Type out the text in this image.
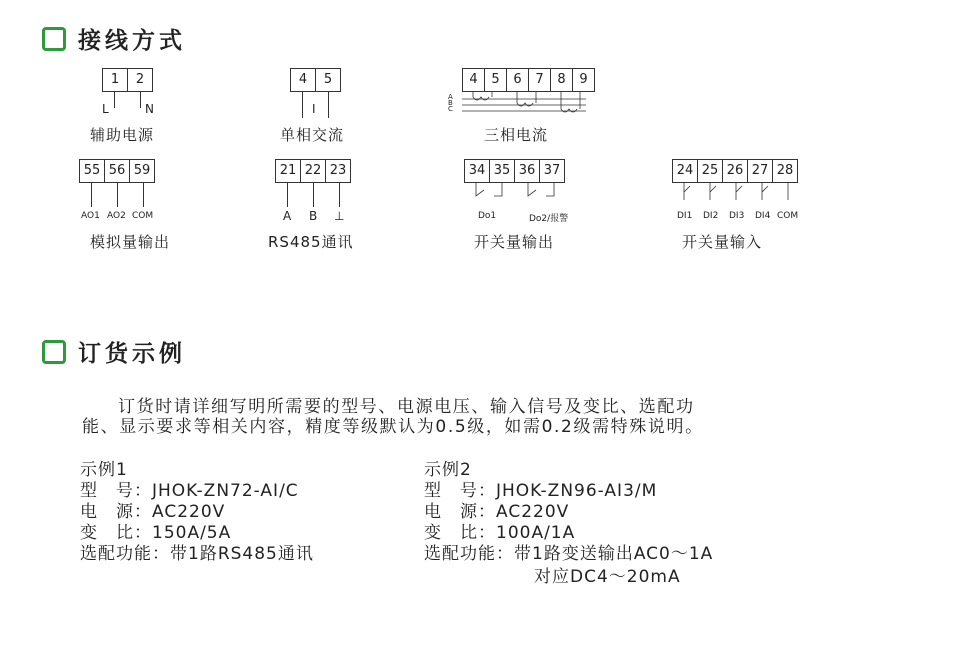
接线方式
1	2
L	N
辅助电源
4	5
I
单相交流
4	5	6	7	8	9
A
B
C
三相电流
55 56 59
AO1 AO2 COM
模拟量输出
21 22 23
A B ⊥
RS485通讯
34 35 36 37
Do1	Do2/报警
开关量输出
24 25 26 27 28
DI1 DI2 DI3 DI4 COM
开关量输入
订货示例
订货时请详细写明所需要的型号、电源电压、输入信号及变比、选配功
能、显示要求等相关内容，精度等级默认为0.5级，如需0.2级需特殊说明。
示例1
型　号：JHOK-ZN72-AI/C
电　源：AC220V
变　比：150A/5A
选配功能：带1路RS485通讯
示例2
型　号：JHOK-ZN96-AI3/M
电　源：AC220V
变　比：100A/1A
选配功能：带1路变送输出AC0～1A
对应DC4～20mA
